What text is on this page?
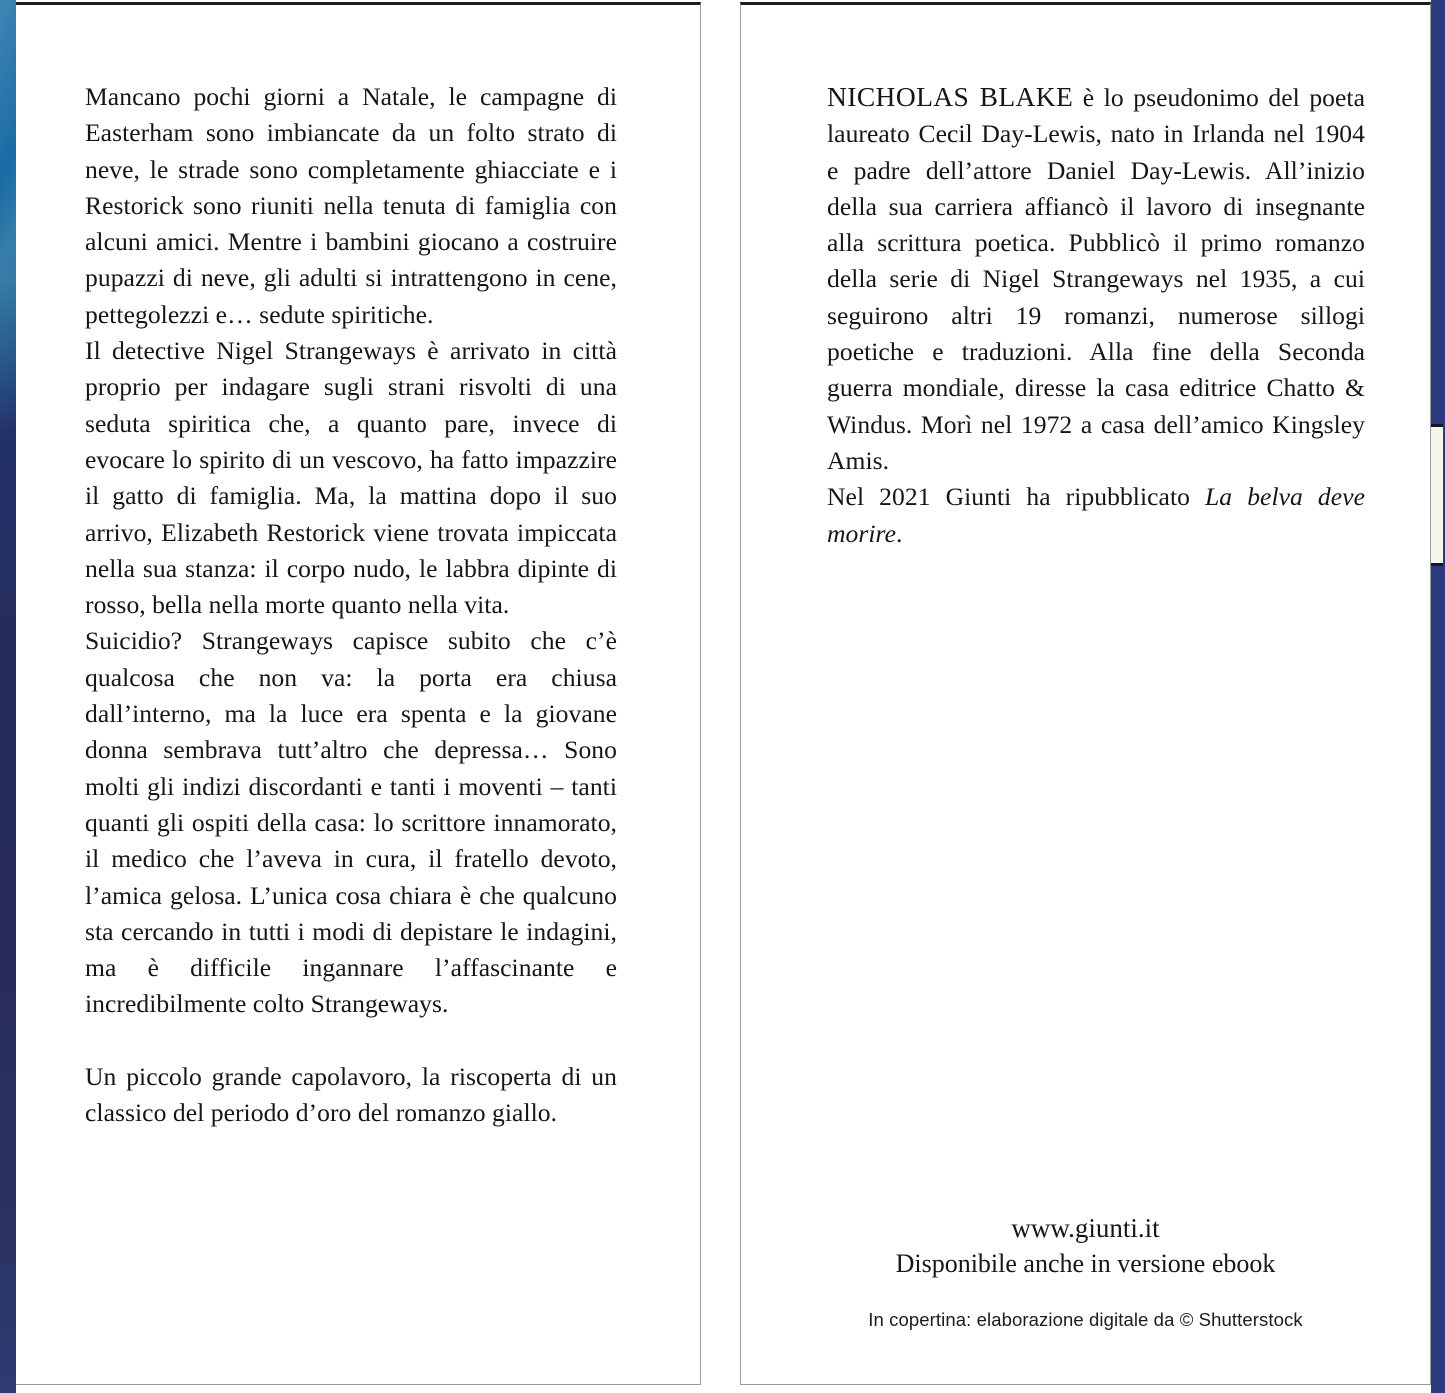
Mancano pochi giorni a Natale, le campagne di Easterham sono imbiancate da un folto strato di neve, le strade sono completamente ghiacciate e i Restorick sono riuniti nella tenuta di famiglia con alcuni amici. Mentre i bambini giocano a costruire pupazzi di neve, gli adulti si intrattengono in cene, pettegolezzi e… sedute spiritiche.

Il detective Nigel Strangeways è arrivato in città proprio per indagare sugli strani risvolti di una seduta spiritica che, a quanto pare, invece di evocare lo spirito di un vescovo, ha fatto impazzire il gatto di famiglia. Ma, la mattina dopo il suo arrivo, Elizabeth Restorick viene trovata impiccata nella sua stanza: il corpo nudo, le labbra dipinte di rosso, bella nella morte quanto nella vita.

Suicidio? Strangeways capisce subito che c’è qualcosa che non va: la porta era chiusa dall’interno, ma la luce era spenta e la giovane donna sembrava tutt’altro che depressa… Sono molti gli indizi discordanti e tanti i moventi – tanti quanti gli ospiti della casa: lo scrittore innamorato, il medico che l’aveva in cura, il fratello devoto, l’amica gelosa. L’unica cosa chiara è che qualcuno sta cercando in tutti i modi di depistare le indagini, ma è difficile ingannare l’affascinante e incredibilmente colto Strangeways.

Un piccolo grande capolavoro, la riscoperta di un classico del periodo d’oro del romanzo giallo.

NICHOLAS BLAKE è lo pseudonimo del poeta laureato Cecil Day-Lewis, nato in Irlanda nel 1904 e padre dell’attore Daniel Day-Lewis. All’inizio della sua carriera affiancò il lavoro di insegnante alla scrittura poetica. Pubblicò il primo romanzo della serie di Nigel Strangeways nel 1935, a cui seguirono altri 19 romanzi, numerose sillogi poetiche e traduzioni. Alla fine della Seconda guerra mondiale, diresse la casa editrice Chatto & Windus. Morì nel 1972 a casa dell’amico Kingsley Amis.

Nel 2021 Giunti ha ripubblicato La belva deve morire.

www.giunti.it
Disponibile anche in versione ebook
In copertina: elaborazione digitale da © Shutterstock
